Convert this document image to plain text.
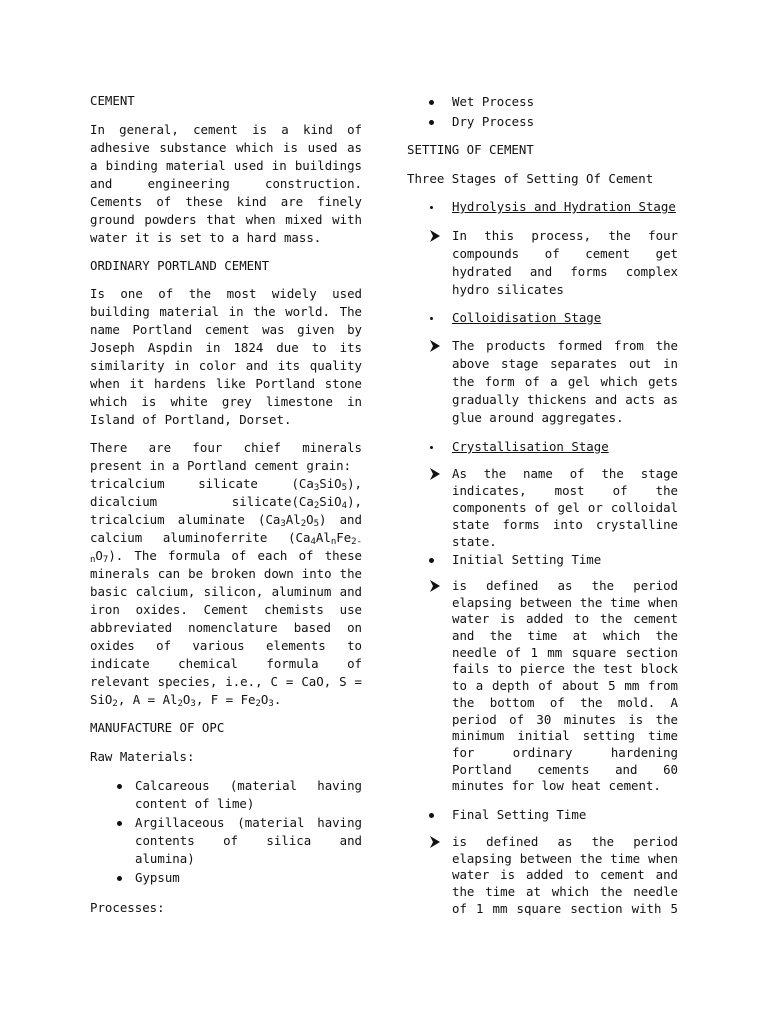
CEMENT
In general, cement is a kind of
adhesive substance which is used as
a binding material used in buildings
and engineering construction.
Cements of these kind are finely
ground powders that when mixed with
water it is set to a hard mass.
ORDINARY PORTLAND CEMENT
Is one of the most widely used
building material in the world. The
name Portland cement was given by
Joseph Aspdin in 1824 due to its
similarity in color and its quality
when it hardens like Portland stone
which is white grey limestone in
Island of Portland, Dorset.
There are four chief minerals
present in a Portland cement grain:
tricalcium silicate $(Ca_3SiO_5)$,
dicalcium $silicate(Ca_2SiO_4)$,
tricalcium aluminate $(Ca_3Al_2O_5)$ and
calcium aluminoferrite ($Ca_4Al_nFe_{2-}$
$_nO_7$). The formula of each of these
minerals can be broken down into the
basic calcium, silicon, aluminum and
iron oxides. Cement chemists use
abbreviated nomenclature based on
oxides of various elements to
indicate chemical formula of
relevant species, i.e., C = CaO, S =
SiO$_2$, $A = Al_2O_3$, $F = Fe_2O_3$.
MANUFACTURE OF OPC
Raw Materials:
Calcareous (material having
content of lime)
Argillaceous (material having
contents of silica and
alumina)
Gypsum
Processes:
Wet Process
Dry Process
SETTING OF CEMENT
Three Stages of Setting Of Cement
Hydrolysis and Hydration Stage
In this process, the four
compounds of cement get
hydrated and forms complex
hydro silicates
Colloidisation Stage
The products formed from the
above stage separates out in
the form of a gel which gets
gradually thickens and acts as
glue around aggregates.
Crystallisation Stage
As the name of the stage
indicates, most of the
components of gel or colloidal
state forms into crystalline
state.
Initial Setting Time
is defined as the period
elapsing between the time when
water is added to the cement
and the time at which the
needle of 1 mm square section
fails to pierce the test block
to a depth of about 5 mm from
the bottom of the mold. A
period of 30 minutes is the
minimum initial setting time
for ordinary hardening
Portland cements and 60
minutes for low heat cement.
Final Setting Time
is defined as the period
elapsing between the time when
water is added to cement and
the time at which the needle
of 1 mm square section with 5
